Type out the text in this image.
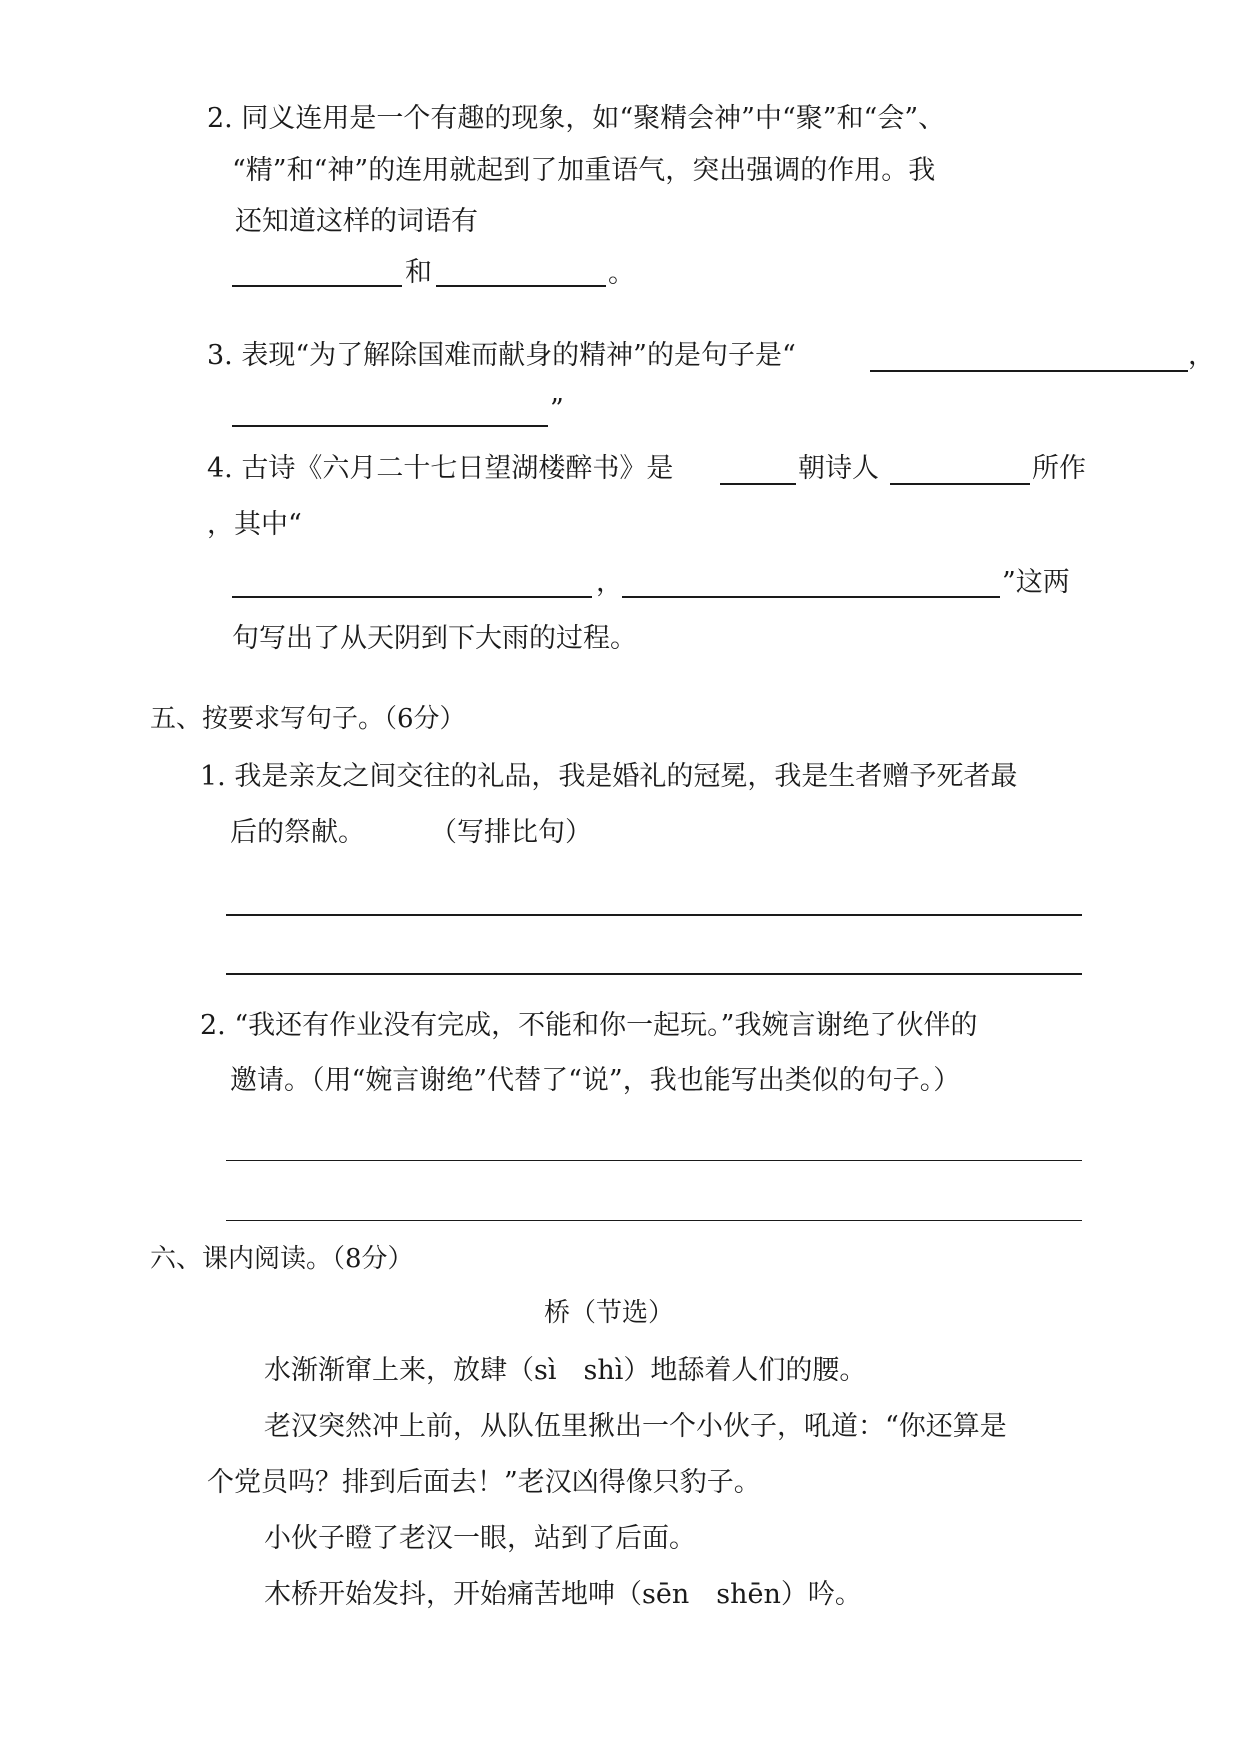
2. 同义连用是一个有趣的现象，如“聚精会神”中“聚”和“会”、
“精”和“神”的连用就起到了加重语气，突出强调的作用。我
还知道这样的词语有
和	。
3. 表现“为了解除国难而献身的精神”的是句子是“	，
”
4. 古诗《六月二十七日望湖楼醉书》是	朝诗人	所作
，其中“
，	”这两
句写出了从天阴到下大雨的过程。
五、按要求写句子。（6分）
1. 我是亲友之间交往的礼品，我是婚礼的冠冕，我是生者赠予死者最
后的祭献。 （写排比句）
2. “我还有作业没有完成，不能和你一起玩。”我婉言谢绝了伙伴的
邀请。（用“婉言谢绝”代替了“说”，我也能写出类似的句子。）
六、课内阅读。（8分）
桥（节选）
水渐渐窜上来，放肆（sì　shì）地舔着人们的腰。
老汉突然冲上前，从队伍里揪出一个小伙子，吼道：“你还算是
个党员吗？排到后面去！”老汉凶得像只豹子。
小伙子瞪了老汉一眼，站到了后面。
木桥开始发抖，开始痛苦地呻（sēn　shēn）吟。
